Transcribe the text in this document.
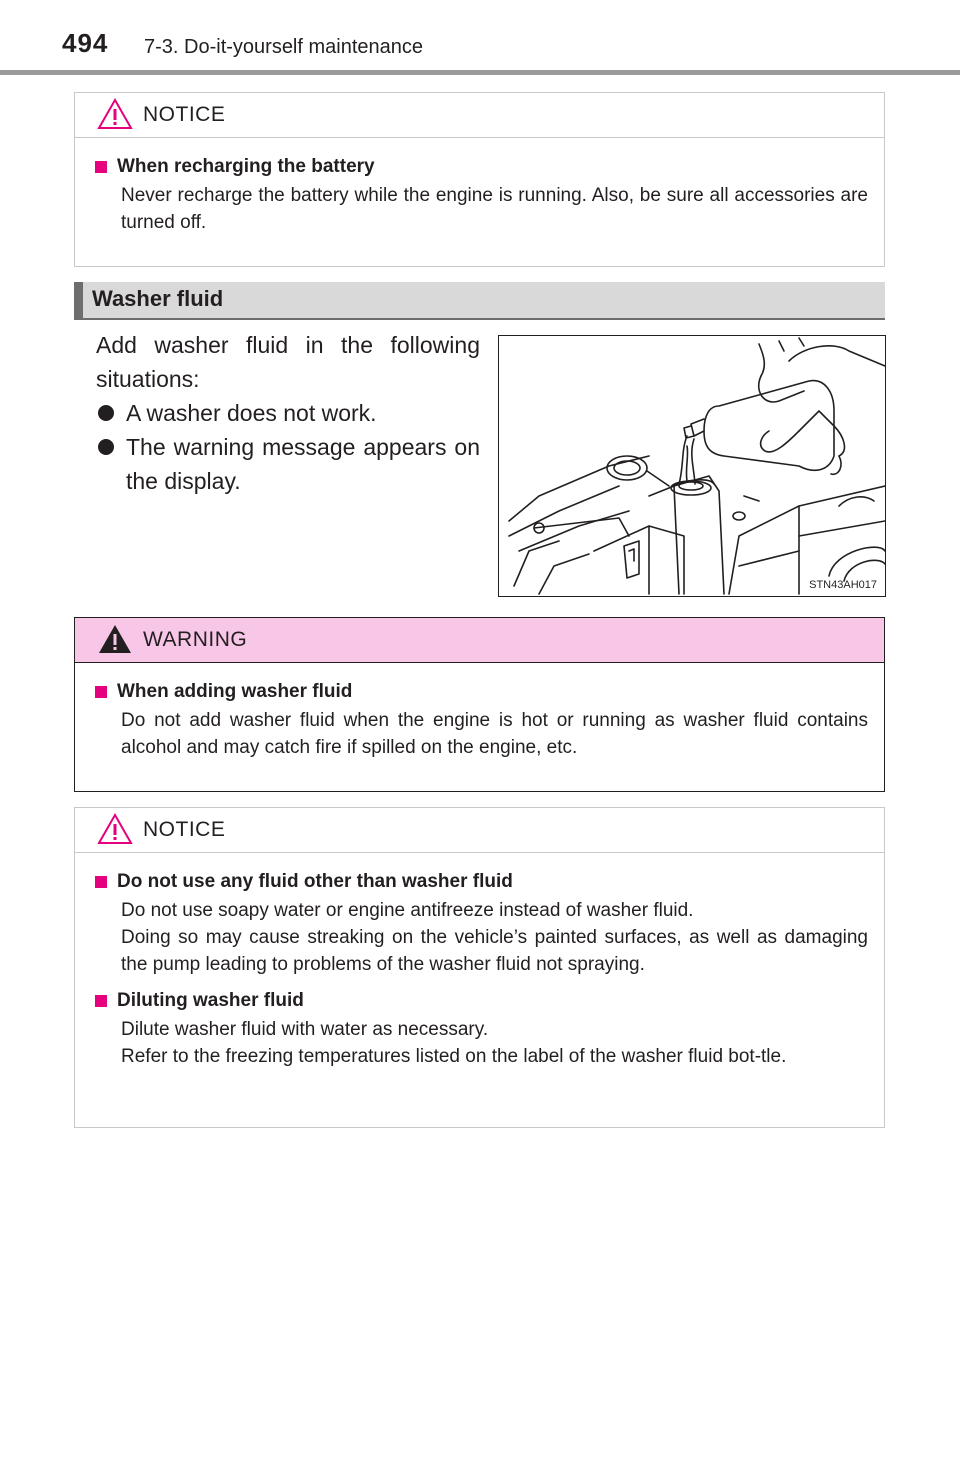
494 7-3. Do-it-yourself maintenance
NOTICE
When recharging the battery
Never recharge the battery while the engine is running. Also, be sure all accessories are turned off.
Washer fluid
Add washer fluid in the following situations:
A washer does not work.
The warning message appears on the display.
STN43AH017
WARNING
When adding washer fluid
Do not add washer fluid when the engine is hot or running as washer fluid contains alcohol and may catch fire if spilled on the engine, etc.
NOTICE
Do not use any fluid other than washer fluid
Do not use soapy water or engine antifreeze instead of washer fluid.
Doing so may cause streaking on the vehicle’s painted surfaces, as well as damaging the pump leading to problems of the washer fluid not spraying.
Diluting washer fluid
Dilute washer fluid with water as necessary.
Refer to the freezing temperatures listed on the label of the washer fluid bot-tle.
